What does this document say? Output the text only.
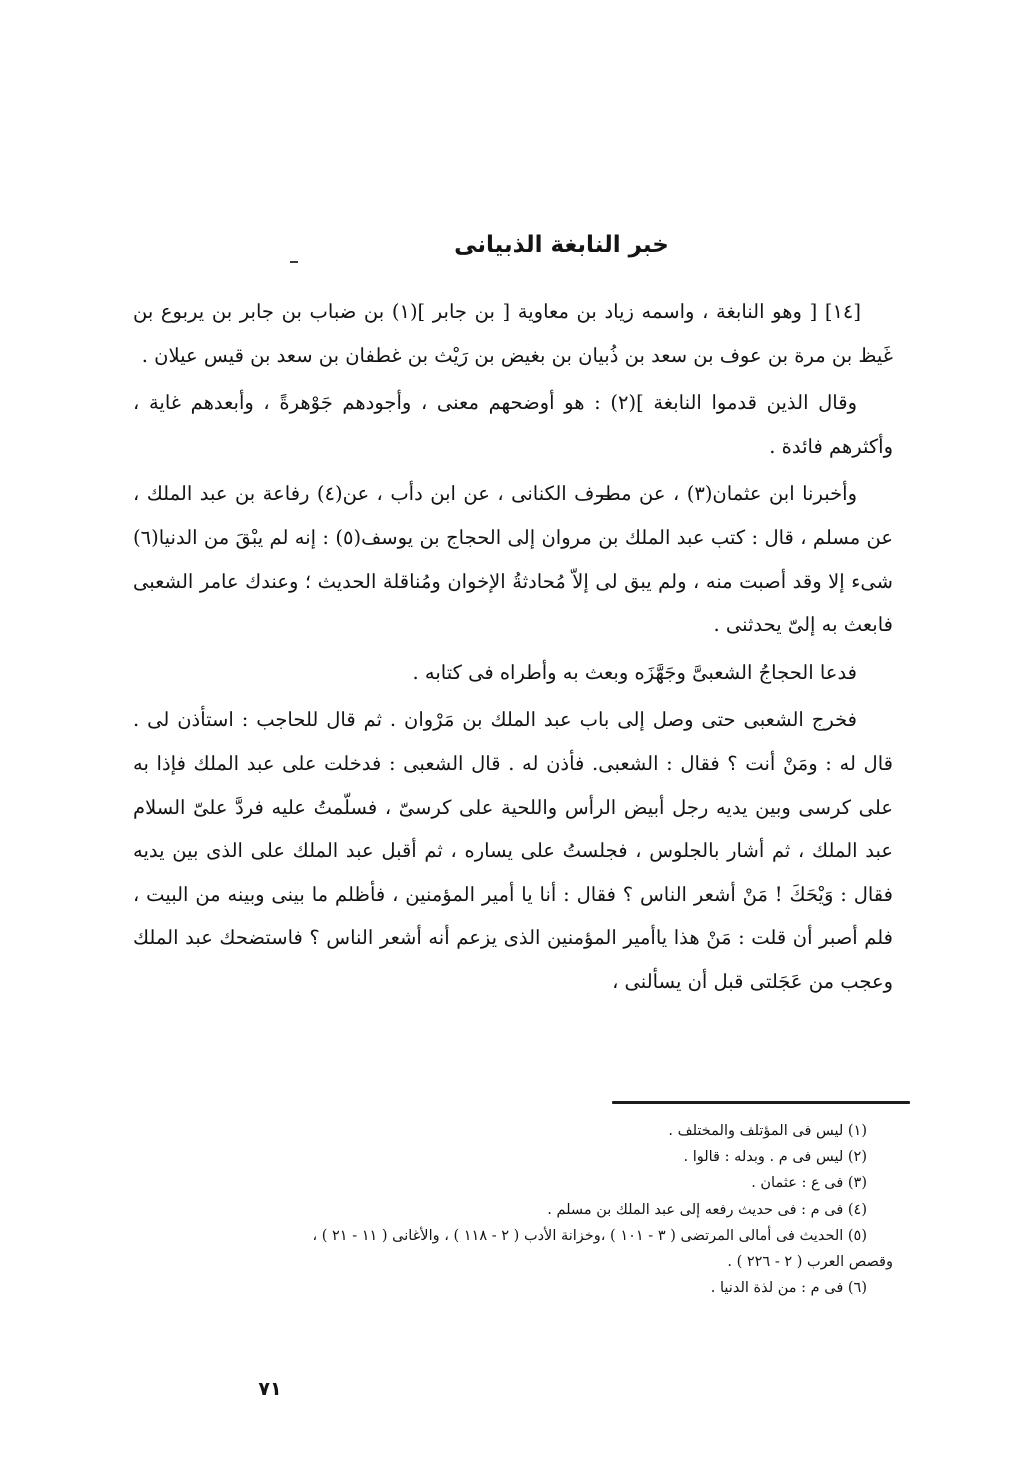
خبر النابغة الذبيانى

[١٤] [ وهو النابغة ، واسمه زياد بن معاوية [ بن جابر ](١) بن ضباب بن جابر بن يربوع بن غَيظ بن مرة بن عوف بن سعد بن ذُبيان بن بغيض بن رَيْث بن غطفان بن سعد بن قيس عيلان .

وقال الذين قدموا النابغة ](٢) : هو أوضحهم معنى ، وأجودهم جَوْهرةً ، وأبعدهم غاية ، وأكثرهم فائدة .

وأخبرنا ابن عثمان(٣) ، عن مطرف الكنانى ، عن ابن دأب ، عن(٤) رفاعة بن عبد الملك ، عن مسلم ، قال : كتب عبد الملك بن مروان إلى الحجاج بن يوسف(٥) : إنه لم يبْقَ من الدنيا(٦) شىء إلا وقد أصبت منه ، ولم يبق لى إلاّ مُحادثةُ الإخوان ومُناقلة الحديث ؛ وعندك عامر الشعبى فابعث به إلىّ يحدثنى .

فدعا الحجاجُ الشعبىَّ وجَهَّزَه وبعث به وأطراه فى كتابه .

فخرج الشعبى حتى وصل إلى باب عبد الملك بن مَرْوان . ثم قال للحاجب : استأذن لى . قال له : ومَنْ أنت ؟ فقال : الشعبى. فأذن له . قال الشعبى : فدخلت على عبد الملك فإذا به على كرسى وبين يديه رجل أبيض الرأس واللحية على كرسىّ ، فسلّمتُ عليه فردَّ علىّ السلام عبد الملك ، ثم أشار بالجلوس ، فجلستُ على يساره ، ثم أقبل عبد الملك على الذى بين يديه فقال : وَيْحَكَ ! مَنْ أشعر الناس ؟ فقال : أنا يا أمير المؤمنين ، فأظلم ما بينى وبينه من البيت ، فلم أصبر أن قلت : مَنْ هذا ياأمير المؤمنين الذى يزعم أنه أشعر الناس ؟ فاستضحك عبد الملك وعجب من عَجَلتى قبل أن يسألنى ،

(١) ليس فى المؤتلف والمختلف .

(٢) ليس فى م . وبدله : قالوا .

(٣) فى ع : عثمان .

(٤) فى م : فى حديث رفعه إلى عبد الملك بن مسلم .

(٥) الحديث فى أمالى المرتضى ( ٣ - ١٠١ ) ،وخزانة الأدب ( ٢ - ١١٨ ) ، والأغانى ( ١١ - ٢١ ) ،

وقصص العرب ( ٢ - ٢٢٦ ) .

(٦) فى م : من لذة الدنيا .

٧١
